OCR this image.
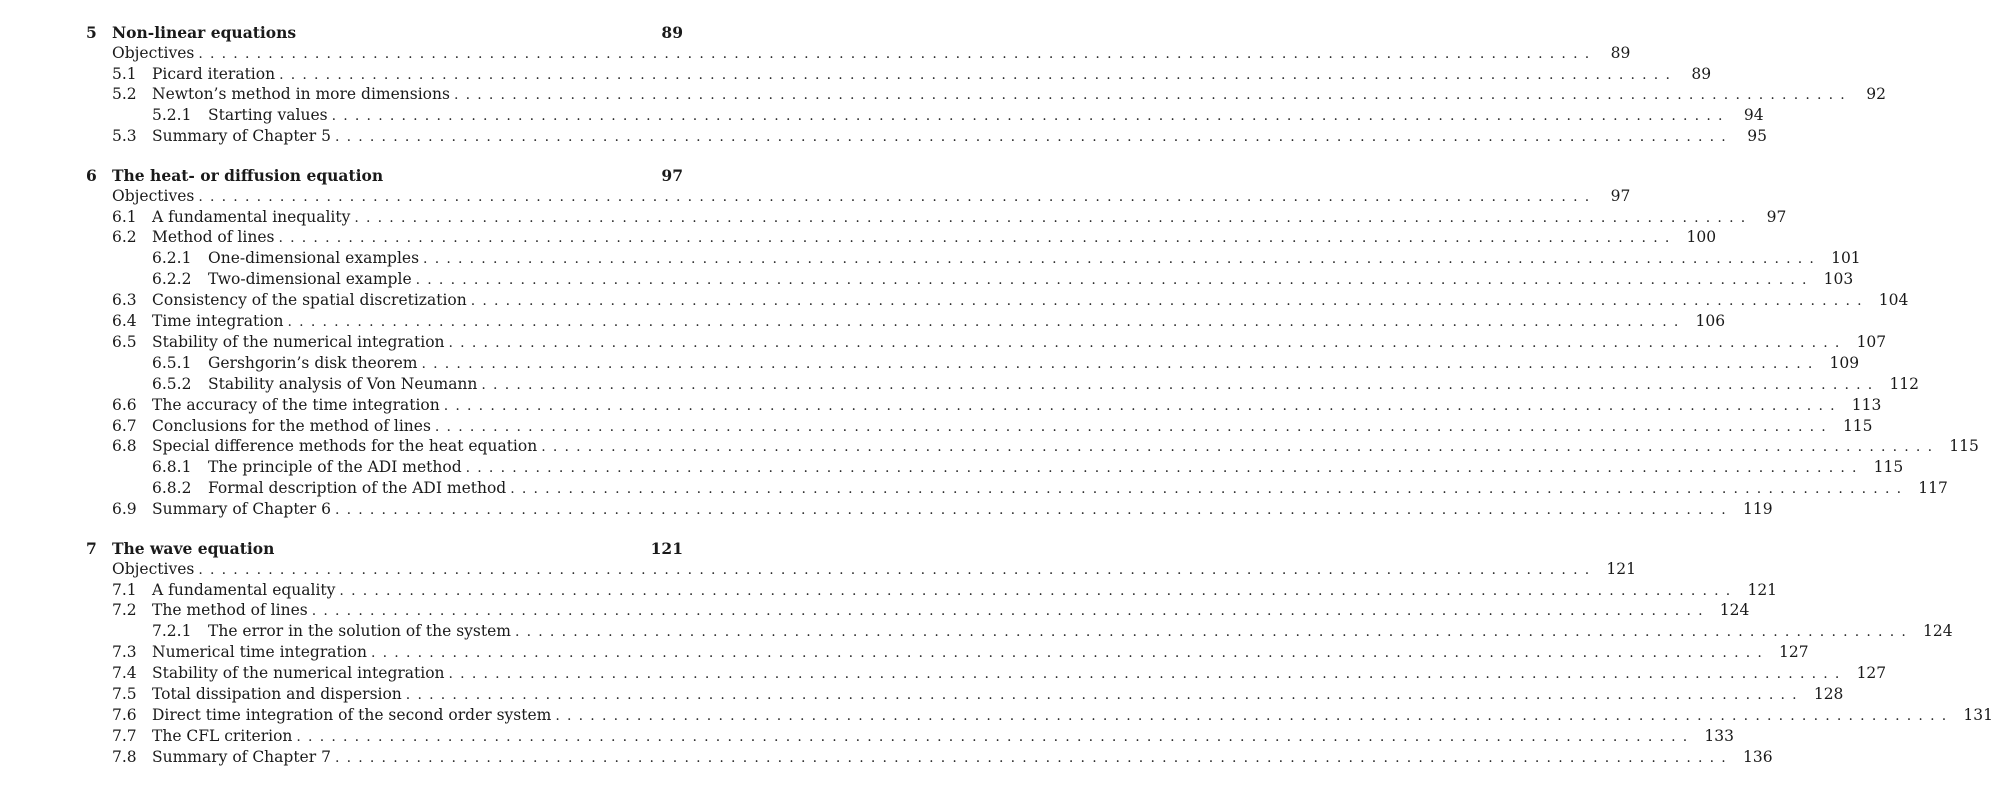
5 Non-linear equations	89
Objectives ........................................................................................................................ 89
5.1 Picard iteration ........................................................................................................................ 89
5.2 Newton’s method in more dimensions ........................................................................................................................ 92
5.2.1	Starting values ........................................................................................................................ 94
5.3 Summary of Chapter 5 ........................................................................................................................ 95
6 The heat- or diffusion equation	97
Objectives ........................................................................................................................ 97
6.1 A fundamental inequality ........................................................................................................................ 97
6.2 Method of lines ........................................................................................................................ 100
6.2.1	One-dimensional examples ........................................................................................................................ 101
6.2.2	Two-dimensional example ........................................................................................................................ 103
6.3 Consistency of the spatial discretization ........................................................................................................................ 104
6.4 Time integration ........................................................................................................................ 106
6.5 Stability of the numerical integration ........................................................................................................................ 107
6.5.1	Gershgorin’s disk theorem ........................................................................................................................ 109
6.5.2	Stability analysis of Von Neumann ........................................................................................................................ 112
6.6 The accuracy of the time integration ........................................................................................................................ 113
6.7 Conclusions for the method of lines ........................................................................................................................ 115
6.8 Special difference methods for the heat equation ........................................................................................................................ 115
6.8.1	The principle of the ADI method ........................................................................................................................ 115
6.8.2	Formal description of the ADI method ........................................................................................................................ 117
6.9 Summary of Chapter 6 ........................................................................................................................ 119
7 The wave equation	121
Objectives ........................................................................................................................ 121
7.1 A fundamental equality ........................................................................................................................ 121
7.2 The method of lines ........................................................................................................................ 124
7.2.1	The error in the solution of the system ........................................................................................................................ 124
7.3 Numerical time integration ........................................................................................................................ 127
7.4 Stability of the numerical integration ........................................................................................................................ 127
7.5 Total dissipation and dispersion ........................................................................................................................ 128
7.6 Direct time integration of the second order system ........................................................................................................................ 131
7.7 The CFL criterion ........................................................................................................................ 133
7.8 Summary of Chapter 7 ........................................................................................................................ 136
